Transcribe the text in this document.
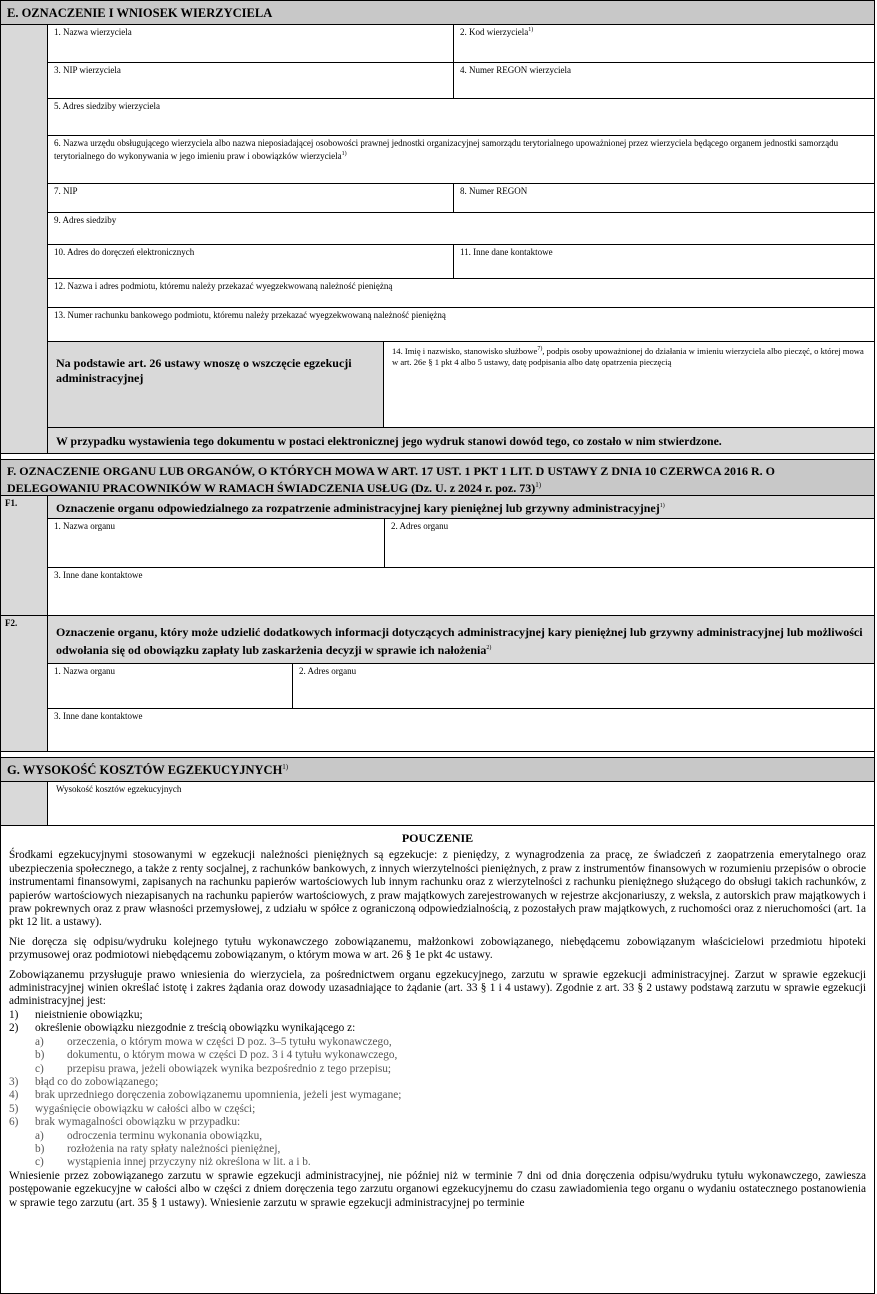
E. OZNACZENIE I WNIOSEK WIERZYCIELA
1. Nazwa wierzyciela	2. Kod wierzyciela$^{1)}$
3. NIP wierzyciela	4. Numer REGON wierzyciela
5. Adres siedziby wierzyciela
6. Nazwa urzędu obsługującego wierzyciela albo nazwa nieposiadającej osobowości prawnej jednostki organizacyjnej samorządu terytorialnego upoważnionej przez wierzyciela będącego organem jednostki samorządu terytorialnego do wykonywania w jego imieniu praw i obowiązków wierzyciela$^{1)}$
7. NIP	8. Numer REGON
9. Adres siedziby
10. Adres do doręczeń elektronicznych	11. Inne dane kontaktowe
12. Nazwa i adres podmiotu, któremu należy przekazać wyegzekwowaną należność pieniężną
13. Numer rachunku bankowego podmiotu, któremu należy przekazać wyegzekwowaną należność pieniężną
Na podstawie art. 26 ustawy wnoszę o wszczęcie egzekucji administracyjnej
14. Imię i nazwisko, stanowisko służbowe$^{7)}$, podpis osoby upoważnionej do działania w imieniu wierzyciela albo pieczęć, o której mowa w art. 26e § 1 pkt 4 albo 5 ustawy, datę podpisania albo datę opatrzenia pieczęcią
W przypadku wystawienia tego dokumentu w postaci elektronicznej jego wydruk stanowi dowód tego, co zostało w nim stwierdzone.
F. OZNACZENIE ORGANU LUB ORGANÓW, O KTÓRYCH MOWA W ART. 17 UST. 1 PKT 1 LIT. D USTAWY Z DNIA 10 CZERWCA 2016 R. O DELEGOWANIU PRACOWNIKÓW W RAMACH ŚWIADCZENIA USŁUG (Dz. U. z 2024 r. poz. 73)$^{1)}$
F1.	Oznaczenie organu odpowiedzialnego za rozpatrzenie administracyjnej kary pieniężnej lub grzywny administracyjnej$^{1)}$
1. Nazwa organu	2. Adres organu
3. Inne dane kontaktowe
F2.
Oznaczenie organu, który może udzielić dodatkowych informacji dotyczących administracyjnej kary pieniężnej lub grzywny administracyjnej lub możliwości odwołania się od obowiązku zapłaty lub zaskarżenia decyzji w sprawie ich nałożenia$^{2)}$
1. Nazwa organu	2. Adres organu
3. Inne dane kontaktowe
G. WYSOKOŚĆ KOSZTÓW EGZEKUCYJNYCH$^{1)}$
Wysokość kosztów egzekucyjnych
POUCZENIE

Środkami egzekucyjnymi stosowanymi w egzekucji należności pieniężnych są egzekucje: z pieniędzy, z wynagrodzenia za pracę, ze świadczeń z zaopatrzenia emerytalnego oraz ubezpieczenia społecznego, a także z renty socjalnej, z rachunków bankowych, z innych wierzytelności pieniężnych, z praw z instrumentów finansowych w rozumieniu przepisów o obrocie instrumentami finansowymi, zapisanych na rachunku papierów wartościowych lub innym rachunku oraz z wierzytelności z rachunku pieniężnego służącego do obsługi takich rachunków, z papierów wartościowych niezapisanych na rachunku papierów wartościowych, z praw majątkowych zarejestrowanych w rejestrze akcjonariuszy, z weksla, z autorskich praw majątkowych i praw pokrewnych oraz z praw własności przemysłowej, z udziału w spółce z ograniczoną odpowiedzialnością, z pozostałych praw majątkowych, z ruchomości oraz z nieruchomości (art. 1a pkt 12 lit. a ustawy).

Nie doręcza się odpisu/wydruku kolejnego tytułu wykonawczego zobowiązanemu, małżonkowi zobowiązanego, niebędącemu zobowiązanym właścicielowi przedmiotu hipoteki przymusowej oraz podmiotowi niebędącemu zobowiązanym, o którym mowa w art. 26 § 1e pkt 4c ustawy.

Zobowiązanemu przysługuje prawo wniesienia do wierzyciela, za pośrednictwem organu egzekucyjnego, zarzutu w sprawie egzekucji administracyjnej. Zarzut w sprawie egzekucji administracyjnej winien określać istotę i zakres żądania oraz dowody uzasadniające to żądanie (art. 33 § 1 i 4 ustawy). Zgodnie z art. 33 § 2 ustawy podstawą zarzutu w sprawie egzekucji administracyjnej jest:

1)	nieistnienie obowiązku;
2)	określenie obowiązku niezgodnie z treścią obowiązku wynikającego z:
a)	orzeczenia, o którym mowa w części D poz. 3–5 tytułu wykonawczego,
b)	dokumentu, o którym mowa w części D poz. 3 i 4 tytułu wykonawczego,
c)	przepisu prawa, jeżeli obowiązek wynika bezpośrednio z tego przepisu;
3)	błąd co do zobowiązanego;
4)	brak uprzedniego doręczenia zobowiązanemu upomnienia, jeżeli jest wymagane;
5)	wygaśnięcie obowiązku w całości albo w części;
6)	brak wymagalności obowiązku w przypadku:
a)	odroczenia terminu wykonania obowiązku,
b)	rozłożenia na raty spłaty należności pieniężnej,
c)	wystąpienia innej przyczyny niż określona w lit. a i b.

Wniesienie przez zobowiązanego zarzutu w sprawie egzekucji administracyjnej, nie później niż w terminie 7 dni od dnia doręczenia odpisu/wydruku tytułu wykonawczego, zawiesza postępowanie egzekucyjne w całości albo w części z dniem doręczenia tego zarzutu organowi egzekucyjnemu do czasu zawiadomienia tego organu o wydaniu ostatecznego postanowienia w sprawie tego zarzutu (art. 35 § 1 ustawy). Wniesienie zarzutu w sprawie egzekucji administracyjnej po terminie
